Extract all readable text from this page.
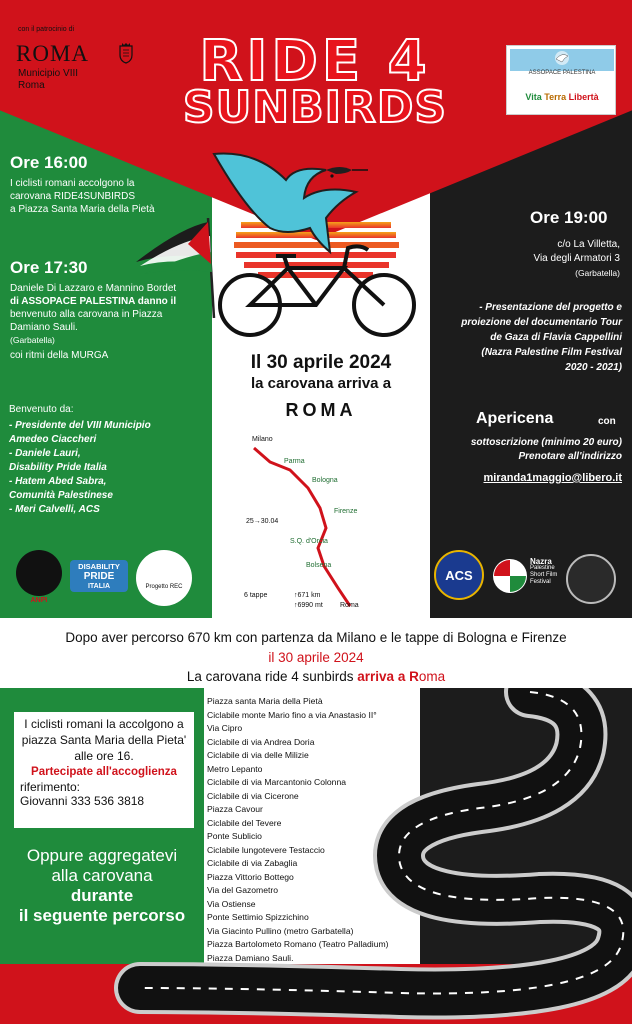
con il patrocinio di
ROMA
Municipio VIII
Roma	RIDE 4
SUNBIRDS
ASSOPACE PALESTINA
Vita Terra Libertà
Ore 16:00
I ciclisti romani accolgono la
carovana RIDE4SUNBIRDS
a Piazza Santa Maria della Pietà
Ore 17:30
Daniele Di Lazzaro e Mannino Bordet
di ASSOPACE PALESTINA danno il
benvenuto alla carovana in Piazza
Damiano Sauli.
(Garbatella)
coi ritmi della MURGA
Benvenuto da:
- Presidente del VIII Municipio
Amedeo Ciaccheri
- Daniele Lauri,
Disability Pride Italia
- Hatem Abed Sabra,
Comunità Palestinese
- Meri Calvelli, ACS
Ore 19:00
c/o La Villetta,
Via degli Armatori 3
(Garbatella)
- Presentazione del progetto e
proiezione del documentario Tour
de Gaza di Flavia Cappellini
(Nazra Palestine Film Festival
2020 - 2021)
Apericena	con
sottoscrizione (minimo 20 euro)
Prenotare all'indirizzo
miranda1maggio@libero.it
Il 30 aprile 2024
la carovana arriva a
ROMA
Milano
Parma
Bologna
Firenze
25→30.04
S.Q. d'Orcia
Bolsena
6 tappe	↑671 km
↑6990 mt Roma
ANPI
DISABILITY
PRIDE
ITALIA	Progetto REC
ACS
Nazra
Palestine
Short Film
Festival
Dopo aver percorso 670 km con partenza da Milano e le tappe di Bologna e Firenze
il 30 aprile 2024
La carovana ride 4 sunbirds arriva a Roma
I ciclisti romani la accolgono a piazza Santa Maria della Pieta' alle ore 16.
Partecipate all'accoglienza
riferimento:
Giovanni 333 536 3818
Oppure aggregatevi
alla carovana
durante
il seguente percorso
Piazza santa Maria della Pietà
Ciclabile monte Mario fino a via Anastasio II°
Via Cipro
Ciclabile di via Andrea Doria
Ciclabile di via delle Milizie
Metro Lepanto
Ciclabile di via Marcantonio Colonna
Ciclabile di via Cicerone
Piazza Cavour
Ciclabile del Tevere
Ponte Sublicio
Ciclabile lungotevere Testaccio
Ciclabile di via Zabaglia
Piazza Vittorio Bottego
Via del Gazometro
Via Ostiense
Ponte Settimio Spizzichino
Via Giacinto Pullino (metro Garbatella)
Piazza Bartolometo Romano (Teatro Palladium)
Piazza Damiano Sauli.
